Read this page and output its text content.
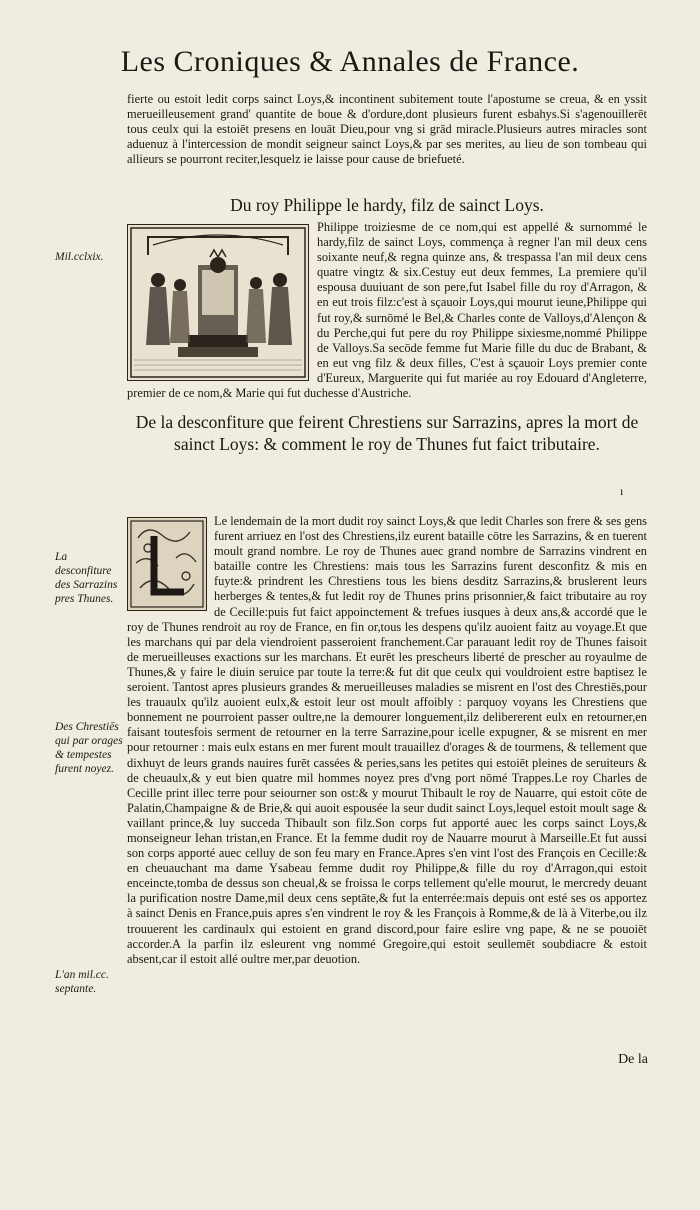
Les Croniques & Annales de France.

fierte ou estoit ledit corps sainct Loys,& incontinent subitement toute l'apostume se creua, & en yssit merueilleusement grand' quantite de boue & d'ordure,dont plusieurs furent esbahys.Si s'agenouillerēt tous ceulx qui la estoiēt presens en louāt Dieu,pour vng si grād miracle.Plusieurs autres miracles sont aduenuz à l'intercession de mondit seigneur sainct Loys,& par ses merites, au lieu de son tombeau qui allieurs se pourront reciter,lesquelz ie laisse pour cause de briefueté.

Du roy Philippe le hardy, filz de sainct Loys.

Philippe troiziesme de ce nom,qui est appellé & surnommé le hardy,filz de sainct Loys, commença à regner l'an mil deux cens soixante neuf,& regna quinze ans, & trespassa l'an mil deux cens quatre vingtz & six.Cestuy eut deux femmes, La premiere qu'il espousa duuiuant de son pere,fut Isabel fille du roy d'Arragon, & en eut trois filz:c'est à sçauoir Loys,qui mourut ieune,Philippe qui fut roy,& surnōmé le Bel,& Charles conte de Valloys,d'Alençon & du Perche,qui fut pere du roy Philippe sixiesme,nommé Philippe de Valloys.Sa secōde femme fut Marie fille du duc de Brabant, & en eut vng filz & deux filles, C'est à sçauoir Loys premier conte d'Eureux, Marguerite qui fut mariée au roy Edouard d'Angleterre, premier de ce nom,& Marie qui fut duchesse d'Austriche.

De la desconfiture que feirent Chrestiens sur Sarrazins, apres la mort de sainct Loys: & comment le roy de Thunes fut faict tributaire.
ı

Le lendemain de la mort dudit roy sainct Loys,& que ledit Charles son frere & ses gens furent arriuez en l'ost des Chrestiens,ilz eurent bataille cōtre les Sarrazins, & en tuerent moult grand nombre. Le roy de Thunes auec grand nombre de Sarrazins vindrent en bataille contre les Chrestiens: mais tous les Sarrazins furent desconfitz & mis en fuyte:& prindrent les Chrestiens tous les biens desditz Sarrazins,& bruslerent leurs herberges & tentes,& fut ledit roy de Thunes prins prisonnier,& faict tributaire au roy de Cecille:puis fut faict appoinctement & trefues iusques à deux ans,& accordé que le roy de Thunes rendroit au roy de France, en fin or,tous les despens qu'ilz auoient faitz au voyage.Et que les marchans qui par dela viendroient passeroient franchement.Car parauant ledit roy de Thunes faisoit de merueilleuses exactions sur les marchans. Et eurēt les prescheurs liberté de prescher au royaulme de Thunes,& y faire le diuin seruice par toute la terre:& fut dit que ceulx qui vouldroient estre baptisez le seroient. Tantost apres plusieurs grandes & merueilleuses maladies se misrent en l'ost des Chrestiēs,pour les trauaulx qu'ilz auoient eulx,& estoit leur ost moult affoibly : parquoy voyans les Chrestiens que bonnement ne pourroient passer oultre,ne la demourer longuement,ilz delibererent eulx en retourner,en faisant toutesfois serment de retourner en la terre Sarrazine,pour icelle expugner, & se misrent en mer pour retourner : mais eulx estans en mer furent moult trauaillez d'orages & de tourmens, & tellement que dixhuyt de leurs grands nauires furēt cassées & peries,sans les petites qui estoiēt pleines de seruiteurs & de cheuaulx,& y eut bien quatre mil hommes noyez pres d'vng port nōmé Trappes.Le roy Charles de Cecille print illec terre pour seiourner son ost:& y mourut Thibault le roy de Nauarre, qui estoit cōte de Palatin,Champaigne & de Brie,& qui auoit espousée la seur dudit sainct Loys,lequel estoit moult sage & vaillant prince,& luy succeda Thibault son filz.Son corps fut apporté auec les corps sainct Loys,& monseigneur Iehan tristan,en France. Et la femme dudit roy de Nauarre mourut à Marseille.Et fut aussi son corps apporté auec celluy de son feu mary en France.Apres s'en vint l'ost des François en Cecille:& en cheuauchant ma dame Ysabeau femme dudit roy Philippe,& fille du roy d'Arragon,qui estoit enceincte,tomba de dessus son cheual,& se froissa le corps tellement qu'elle mourut, le mercredy deuant la purification nostre Dame,mil deux cens septāte,& fut la enterrée:mais depuis ont esté ses os apportez à sainct Denis en France,puis apres s'en vindrent le roy & les François à Romme,& de là à Viterbe,ou ilz trouuerent les cardinaulx qui estoient en grand discord,pour faire eslire vng pape, & ne se pouoiēt accorder.A la parfin ilz esleurent vng nommé Gregoire,qui estoit seullemēt soubdiacre & estoit absent,car il estoit allé oultre mer,par deuotion.

Mil.cclxix.
La desconfiture des Sarrazins pres Thunes.
Des Chrestiēs qui par orages & tempestes furent noyez.
L'an mil.cc. septante.
De la
